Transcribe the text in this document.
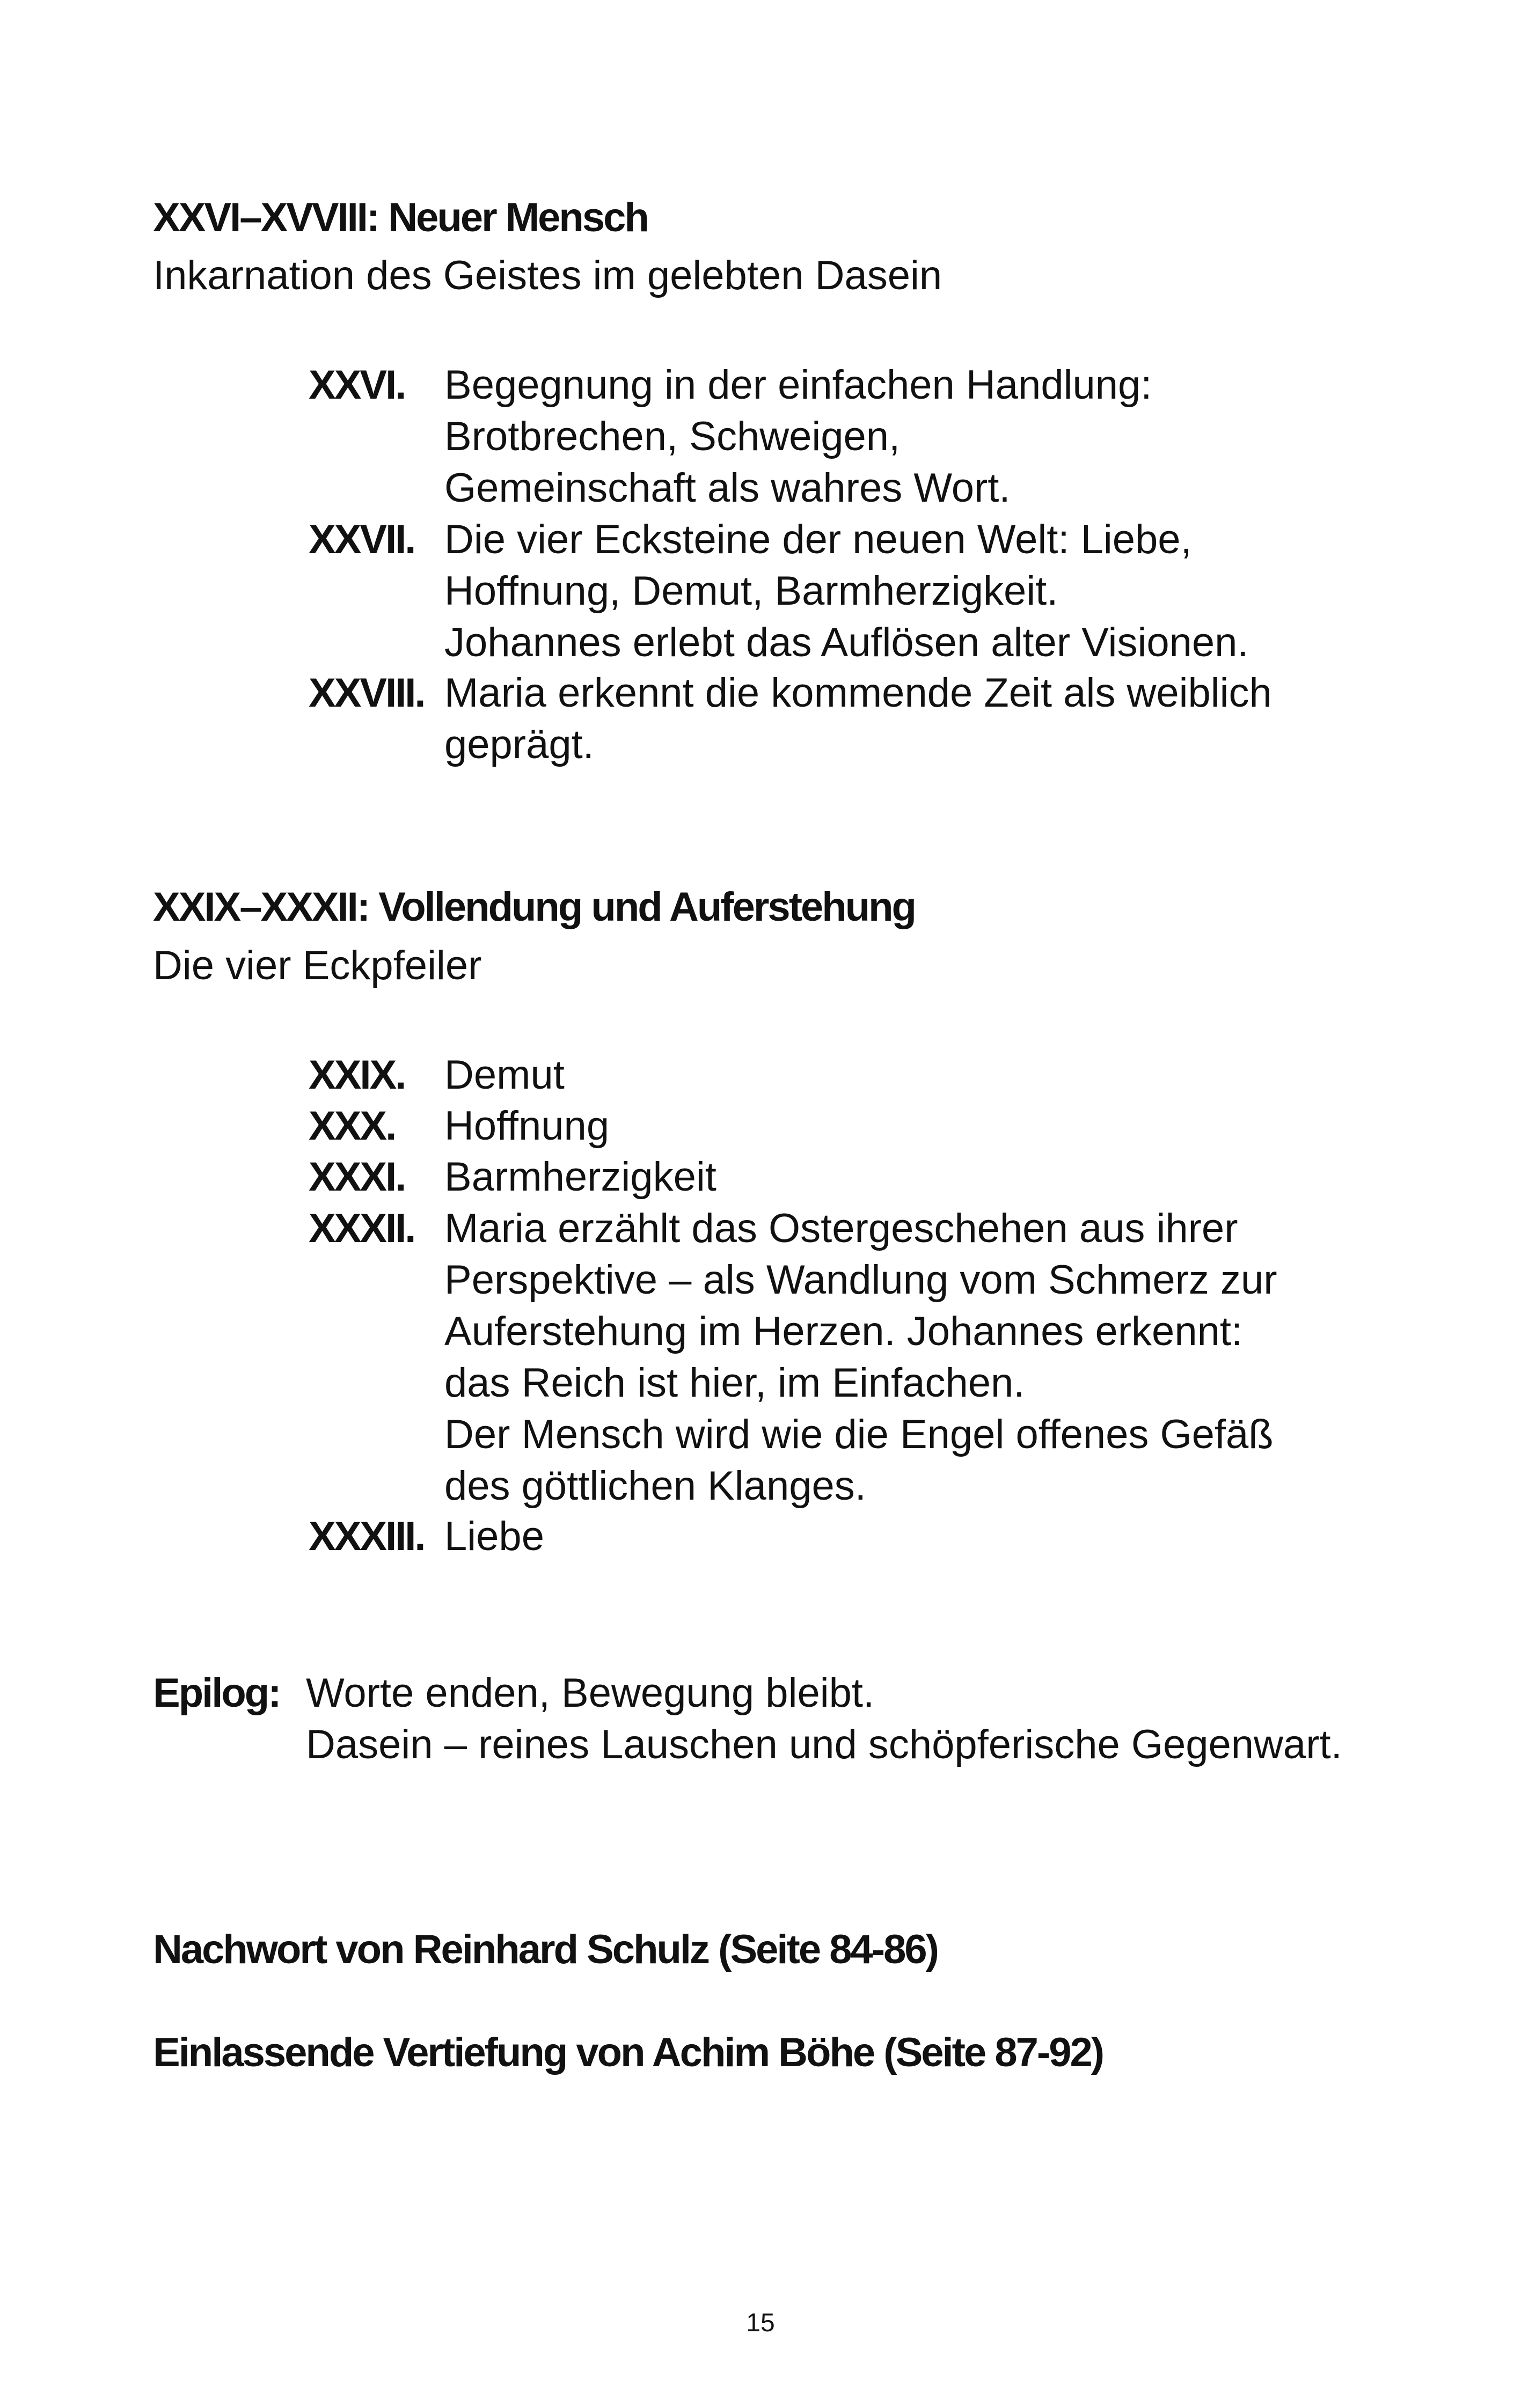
XXVI–XVVIII: Neuer Mensch
Inkarnation des Geistes im gelebten Dasein
XXVI. Begegnung in der einfachen Handlung:
Brotbrechen, Schweigen,
Gemeinschaft als wahres Wort.
XXVII. Die vier Ecksteine der neuen Welt: Liebe,
Hoffnung, Demut, Barmherzigkeit.
Johannes erlebt das Auflösen alter Visionen.
XXVIII. Maria erkennt die kommende Zeit als weiblich
geprägt.
XXIX–XXXII: Vollendung und Auferstehung
Die vier Eckpfeiler
XXIX. Demut
XXX. Hoffnung
XXXI. Barmherzigkeit
XXXII. Maria erzählt das Ostergeschehen aus ihrer
Perspektive – als Wandlung vom Schmerz zur
Auferstehung im Herzen. Johannes erkennt:
das Reich ist hier, im Einfachen.
Der Mensch wird wie die Engel offenes Gefäß
des göttlichen Klanges.
XXXIII. Liebe
Epilog: Worte enden, Bewegung bleibt.
Dasein – reines Lauschen und schöpferische Gegenwart.
Nachwort von Reinhard Schulz (Seite 84-86)
Einlassende Vertiefung von Achim Böhe (Seite 87-92)
15
